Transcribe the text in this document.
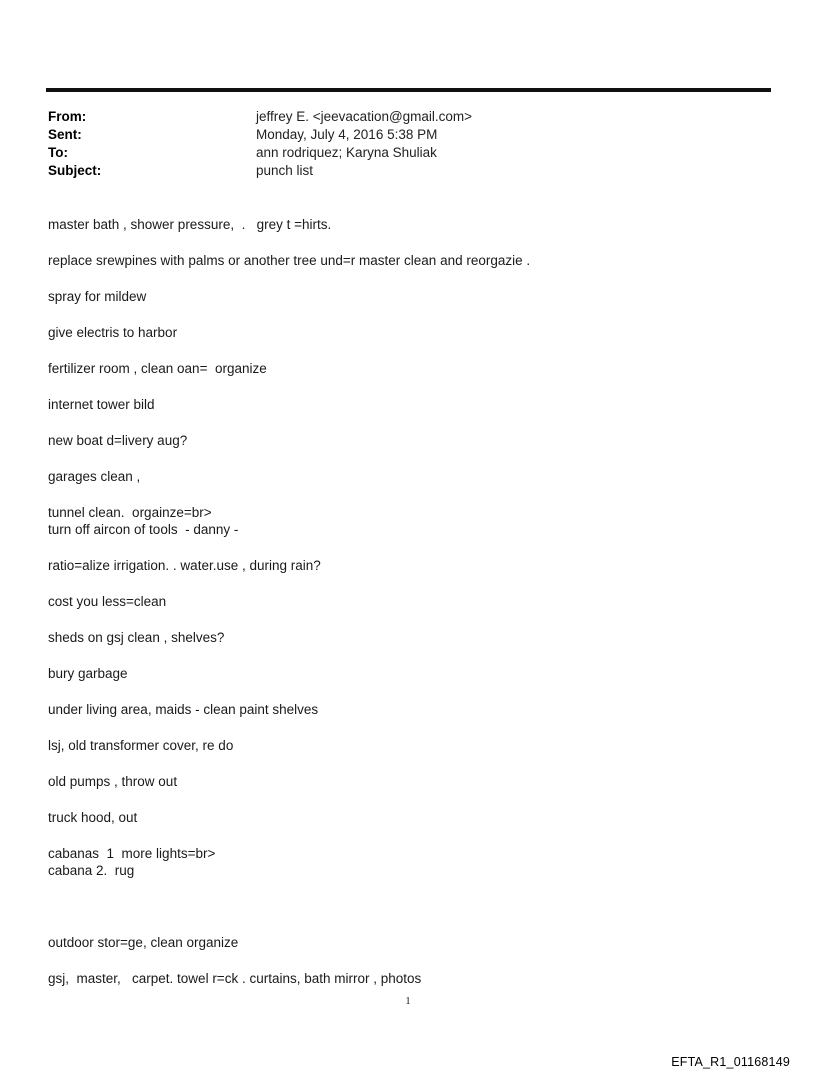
From:	jeffrey E. <jeevacation@gmail.com>
Sent:	Monday, July 4, 2016 5:38 PM
To:	ann rodriquez; Karyna Shuliak
Subject:	punch list
master bath , shower pressure,  .   grey t =hirts.
replace srewpines with palms or another tree und=r master clean and reorgazie .
spray for mildew
give electris to harbor
fertilizer room , clean oan=  organize
internet tower bild
new boat d=livery aug?
garages clean ,
tunnel clean.  orgainze=br>
turn off aircon of tools  - danny -
ratio=alize irrigation. . water.use , during rain?
cost you less=clean
sheds on gsj clean , shelves?
bury garbage
under living area, maids - clean paint shelves
lsj, old transformer cover, re do
old pumps , throw out
truck hood, out
cabanas  1  more lights=br>
cabana 2.  rug
outdoor stor=ge, clean organize
gsj,  master,   carpet. towel r=ck . curtains, bath mirror , photos
1
EFTA_R1_01168149
